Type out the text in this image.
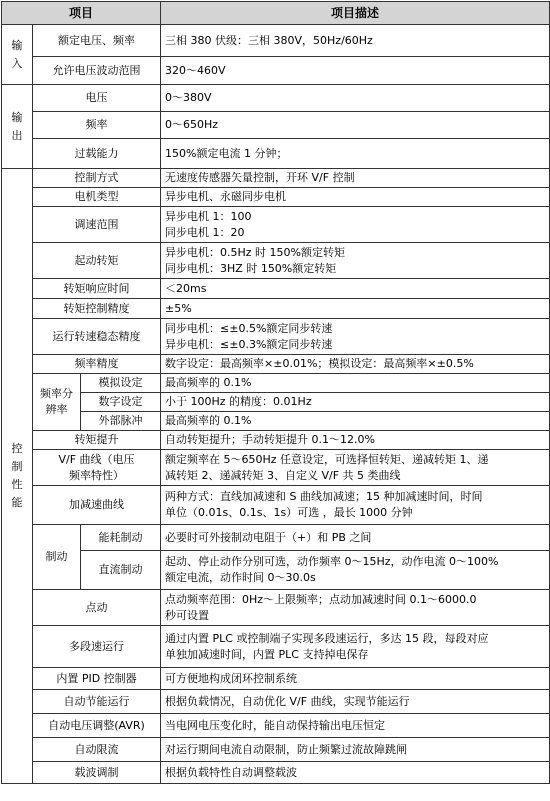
项目			项目描述

输
入	额定电压、频率		三相 380 伏级：三相 380V，50Hz/60Hz
	允许电压波动范围		320～460V

输
出	电压		0～380V
	频率		0～650Hz
	过载能力		150%额定电流 1 分钟；

控
制
性
能	控制方式		无速度传感器矢量控制，开环 V/F 控制
	电机类型		异步电机、永磁同步电机
	调速范围		异步电机 1：100
同步电机 1：20

	起动转矩		异步电机：0.5Hz 时 150%额定转矩
同步电机：3HZ 时 150%额定转矩

	转矩响应时间		＜20ms
	转矩控制精度		±5%
	运行转速稳态精度		同步电机：≤±0.5%额定同步转速
异步电机：≤±0.3%额定同步转速

	频率精度		数字设定：最高频率×±0.01%；模拟设定：最高频率×±0.5%

	频率分
辨率	模拟设定	最高频率的 0.1%
		数字设定	小于 100Hz 的精度：0.01Hz
		外部脉冲	最高频率的 0.1%
	转矩提升		自动转矩提升；手动转矩提升 0.1～12.0%

	V/F 曲线（电压
频率特性）		额定频率在 5～650Hz 任意设定，可选择恒转矩、递减转矩 1、递
减转矩 2、递减转矩 3、自定义 V/F 共 5 类曲线

	加减速曲线		两种方式：直线加减速和 S 曲线加减速；15 种加减速时间，时间
单位（0.01s、0.1s、1s）可选 ，最长 1000 分钟

	制动	能耗制动	必要时可外接制动电阻于（+）和 PB 之间
		直流制动	起动、停止动作分别可选，动作频率 0～15Hz，动作电流 0～100%
额定电流，动作时间 0～30.0s

	点动		点动频率范围：0Hz～上限频率；点动加减速时间 0.1～6000.0
秒可设置

	多段速运行		通过内置 PLC 或控制端子实现多段速运行，多达 15 段，每段对应
单独加减速时间，内置 PLC 支持掉电保存

	内置 PID 控制器		可方便地构成闭环控制系统
	自动节能运行		根据负载情况，自动优化 V/F 曲线，实现节能运行
	自动电压调整(AVR)		当电网电压变化时，能自动保持输出电压恒定
	自动限流		对运行期间电流自动限制，防止频繁过流故障跳闸
	载波调制		根据负载特性自动调整载波
